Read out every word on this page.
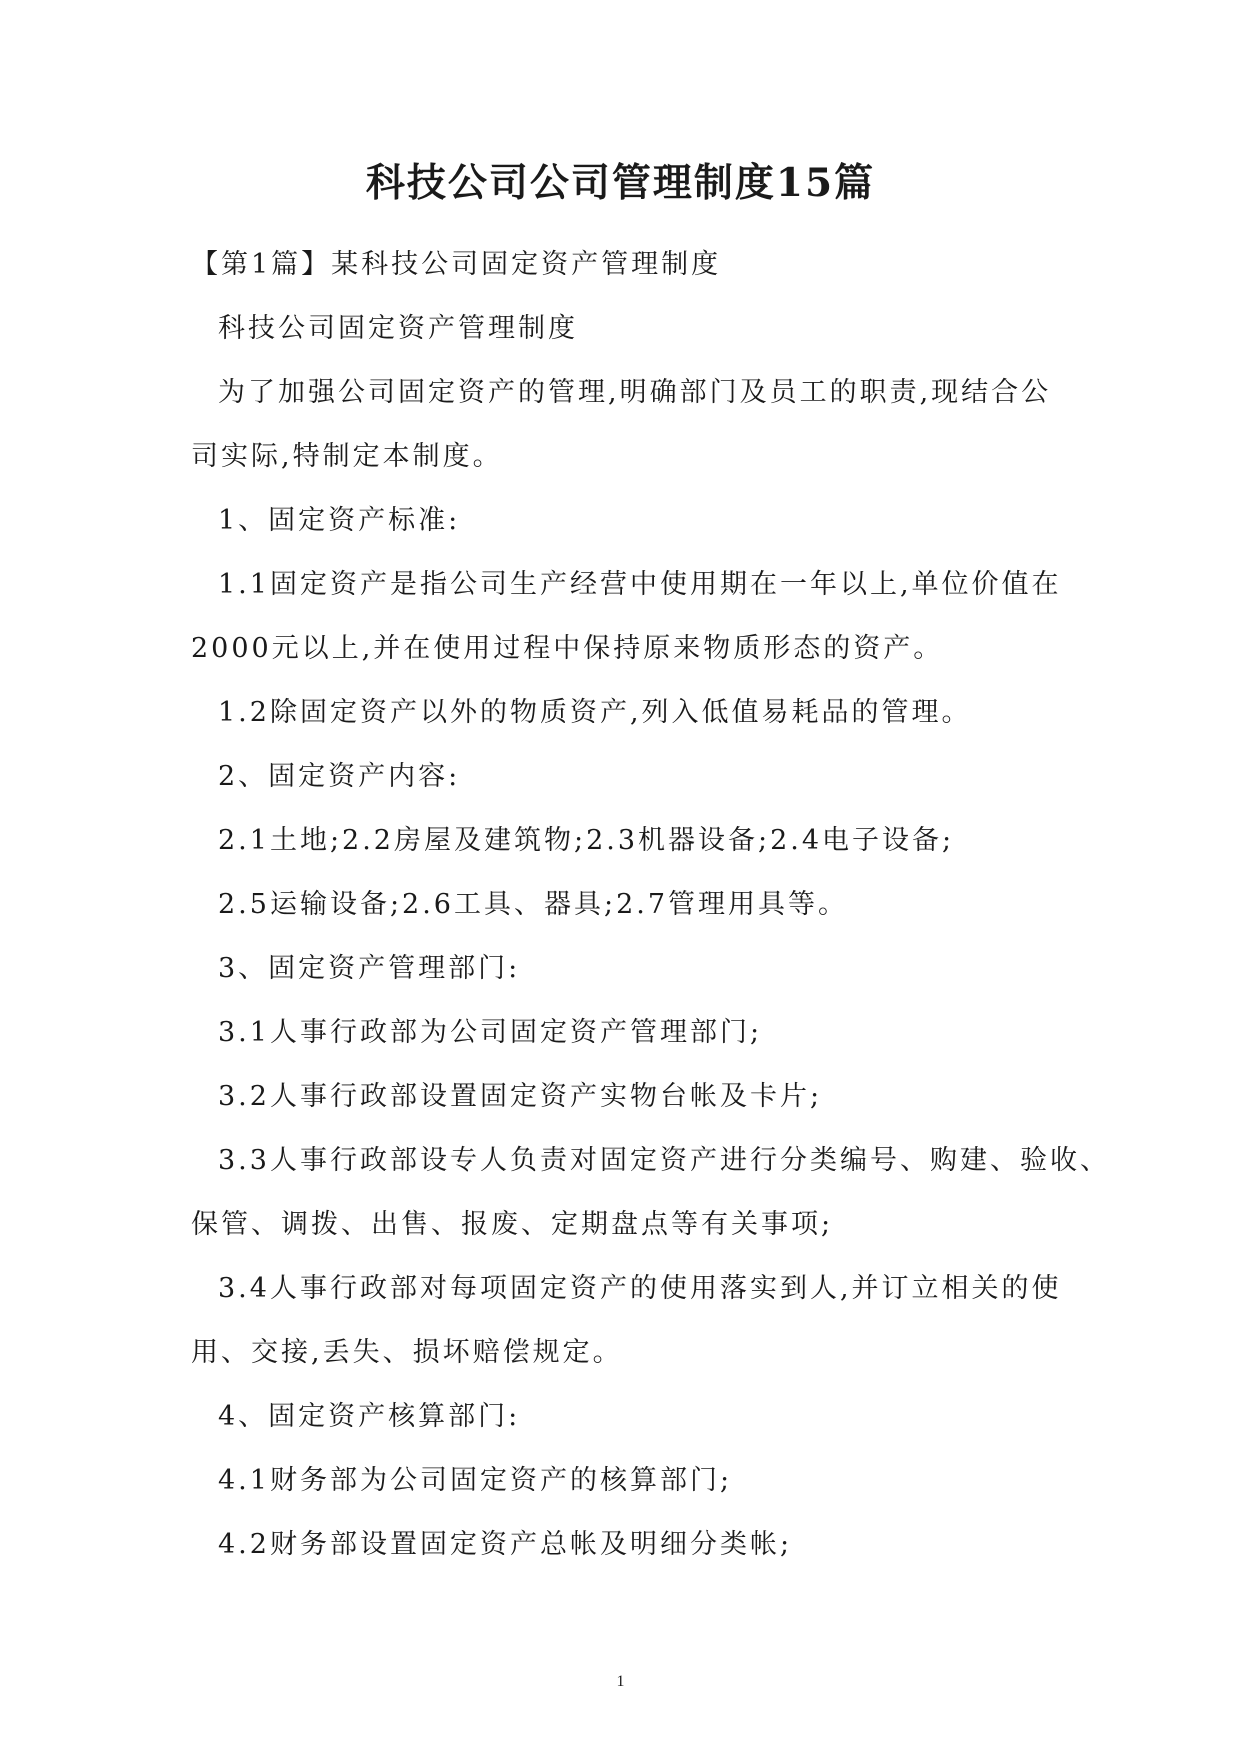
科技公司公司管理制度15篇
【第1篇】某科技公司固定资产管理制度
科技公司固定资产管理制度
为了加强公司固定资产的管理,明确部门及员工的职责,现结合公
司实际,特制定本制度。
1、固定资产标准:
1.1固定资产是指公司生产经营中使用期在一年以上,单位价值在
2000元以上,并在使用过程中保持原来物质形态的资产。
1.2除固定资产以外的物质资产,列入低值易耗品的管理。
2、固定资产内容:
2.1土地;2.2房屋及建筑物;2.3机器设备;2.4电子设备;
2.5运输设备;2.6工具、器具;2.7管理用具等。
3、固定资产管理部门:
3.1人事行政部为公司固定资产管理部门;
3.2人事行政部设置固定资产实物台帐及卡片;
3.3人事行政部设专人负责对固定资产进行分类编号、购建、验收、
保管、调拨、出售、报废、定期盘点等有关事项;
3.4人事行政部对每项固定资产的使用落实到人,并订立相关的使
用、交接,丢失、损坏赔偿规定。
4、固定资产核算部门:
4.1财务部为公司固定资产的核算部门;
4.2财务部设置固定资产总帐及明细分类帐;
1
